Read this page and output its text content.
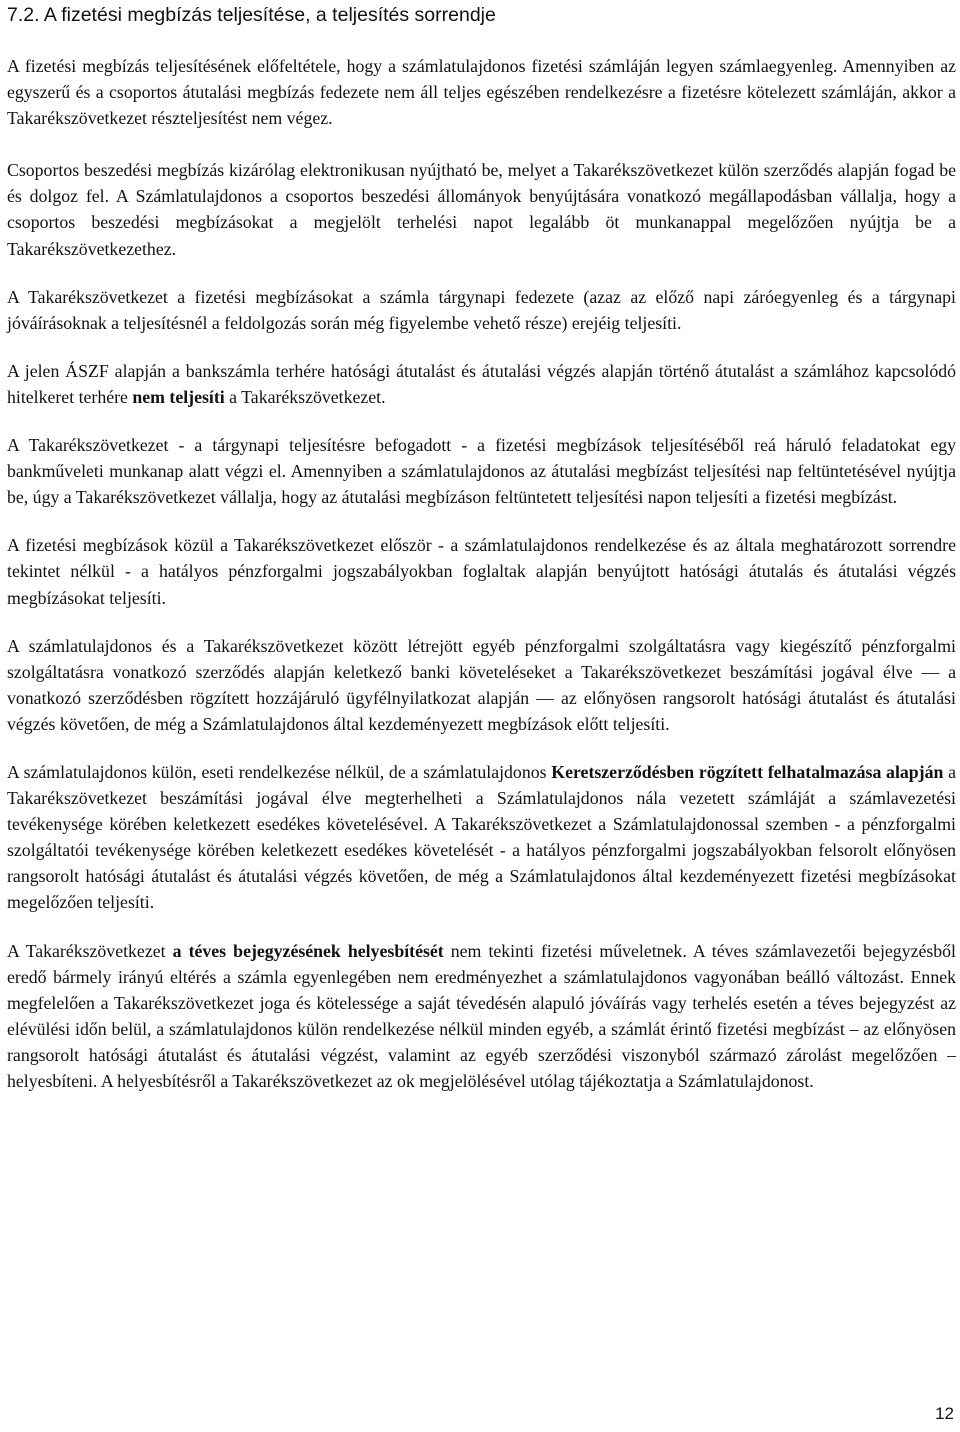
7.2. A fizetési megbízás teljesítése, a teljesítés sorrendje

A fizetési megbízás teljesítésének előfeltétele, hogy a számlatulajdonos fizetési számláján legyen számlaegyenleg. Amennyiben az egyszerű és a csoportos átutalási megbízás fedezete nem áll teljes egészében rendelkezésre a fizetésre kötelezett számláján, akkor a Takarékszövetkezet részteljesítést nem végez.

Csoportos beszedési megbízás kizárólag elektronikusan nyújtható be, melyet a Takarékszövetkezet külön szerződés alapján fogad be és dolgoz fel. A Számlatulajdonos a csoportos beszedési állományok benyújtására vonatkozó megállapodásban vállalja, hogy a csoportos beszedési megbízásokat a megjelölt terhelési napot legalább öt munkanappal megelőzően nyújtja be a Takarékszövetkezethez.

A Takarékszövetkezet a fizetési megbízásokat a számla tárgynapi fedezete (azaz az előző napi záróegyenleg és a tárgynapi jóváírásoknak a teljesítésnél a feldolgozás során még figyelembe vehető része) erejéig teljesíti.

A jelen ÁSZF alapján a bankszámla terhére hatósági átutalást és átutalási végzés alapján történő átutalást a számlához kapcsolódó hitelkeret terhére nem teljesíti a Takarékszövetkezet.

A Takarékszövetkezet - a tárgynapi teljesítésre befogadott - a fizetési megbízások teljesítéséből reá háruló feladatokat egy bankműveleti munkanap alatt végzi el. Amennyiben a számlatulajdonos az átutalási megbízást teljesítési nap feltüntetésével nyújtja be, úgy a Takarékszövetkezet vállalja, hogy az átutalási megbízáson feltüntetett teljesítési napon teljesíti a fizetési megbízást.

A fizetési megbízások közül a Takarékszövetkezet először - a számlatulajdonos rendelkezése és az általa meghatározott sorrendre tekintet nélkül - a hatályos pénzforgalmi jogszabályokban foglaltak alapján benyújtott hatósági átutalás és átutalási végzés megbízásokat teljesíti.

A számlatulajdonos és a Takarékszövetkezet között létrejött egyéb pénzforgalmi szolgáltatásra vagy kiegészítő pénzforgalmi szolgáltatásra vonatkozó szerződés alapján keletkező banki követeléseket a Takarékszövetkezet beszámítási jogával élve — a vonatkozó szerződésben rögzített hozzájáruló ügyfélnyilatkozat alapján — az előnyösen rangsorolt hatósági átutalást és átutalási végzés követően, de még a Számlatulajdonos által kezdeményezett megbízások előtt teljesíti.

A számlatulajdonos külön, eseti rendelkezése nélkül, de a számlatulajdonos Keretszerződésben rögzített felhatalmazása alapján a Takarékszövetkezet beszámítási jogával élve megterhelheti a Számlatulajdonos nála vezetett számláját a számlavezetési tevékenysége körében keletkezett esedékes követelésével. A Takarékszövetkezet a Számlatulajdonossal szemben - a pénzforgalmi szolgáltatói tevékenysége körében keletkezett esedékes követelését - a hatályos pénzforgalmi jogszabályokban felsorolt előnyösen rangsorolt hatósági átutalást és átutalási végzés követően, de még a Számlatulajdonos által kezdeményezett fizetési megbízásokat megelőzően teljesíti.

A Takarékszövetkezet a téves bejegyzésének helyesbítését nem tekinti fizetési műveletnek. A téves számlavezetői bejegyzésből eredő bármely irányú eltérés a számla egyenlegében nem eredményezhet a számlatulajdonos vagyonában beálló változást. Ennek megfelelően a Takarékszövetkezet joga és kötelessége a saját tévedésén alapuló jóváírás vagy terhelés esetén a téves bejegyzést az elévülési időn belül, a számlatulajdonos külön rendelkezése nélkül minden egyéb, a számlát érintő fizetési megbízást – az előnyösen rangsorolt hatósági átutalást és átutalási végzést, valamint az egyéb szerződési viszonyból származó zárolást megelőzően – helyesbíteni. A helyesbítésről a Takarékszövetkezet az ok megjelölésével utólag tájékoztatja a Számlatulajdonost.

12
